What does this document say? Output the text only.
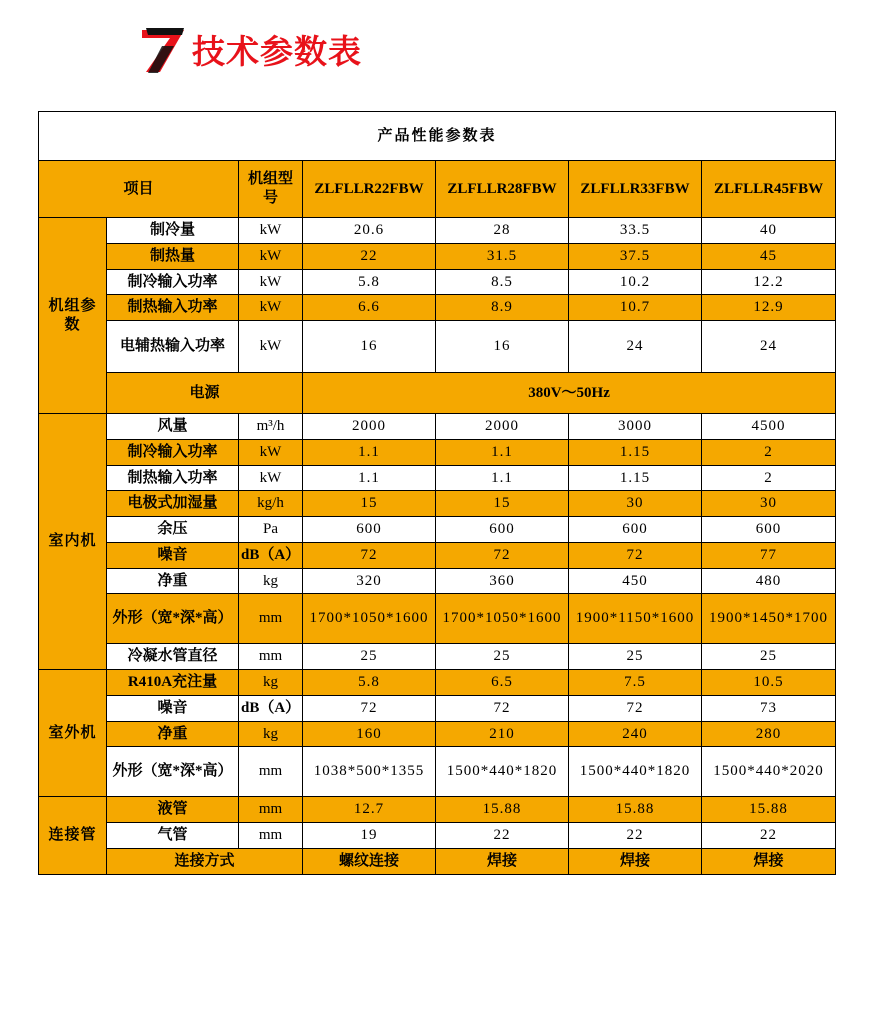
技术参数表
产品性能参数表						
项目		机组型号	ZLFLLR22FBW	ZLFLLR28FBW	ZLFLLR33FBW	ZLFLLR45FBW
机组参数	制冷量	kW	20.6	28	33.5	40
	制热量	kW	22	31.5	37.5	45
	制冷输入功率	kW	5.8	8.5	10.2	12.2
	制热输入功率	kW	6.6	8.9	10.7	12.9
	电辅热输入功率	kW	16	16	24	24
	电源		380V～50Hz			
室内机	风量	m³/h	2000	2000	3000	4500
	制冷输入功率	kW	1.1	1.1	1.15	2
	制热输入功率	kW	1.1	1.1	1.15	2
	电极式加湿量	kg/h	15	15	30	30
	余压	Pa	600	600	600	600
	噪音	dB（A）	72	72	72	77
	净重	kg	320	360	450	480
	外形（宽*深*高）	mm	1700*1050*1600	1700*1050*1600	1900*1150*1600	1900*1450*1700
	冷凝水管直径	mm	25	25	25	25
室外机	R410A充注量	kg	5.8	6.5	7.5	10.5
	噪音	dB（A）	72	72	72	73
	净重	kg	160	210	240	280
	外形（宽*深*高）	mm	1038*500*1355	1500*440*1820	1500*440*1820	1500*440*2020
连接管	液管	mm	12.7	15.88	15.88	15.88
	气管	mm	19	22	22	22
	连接方式		螺纹连接	焊接	焊接	焊接
